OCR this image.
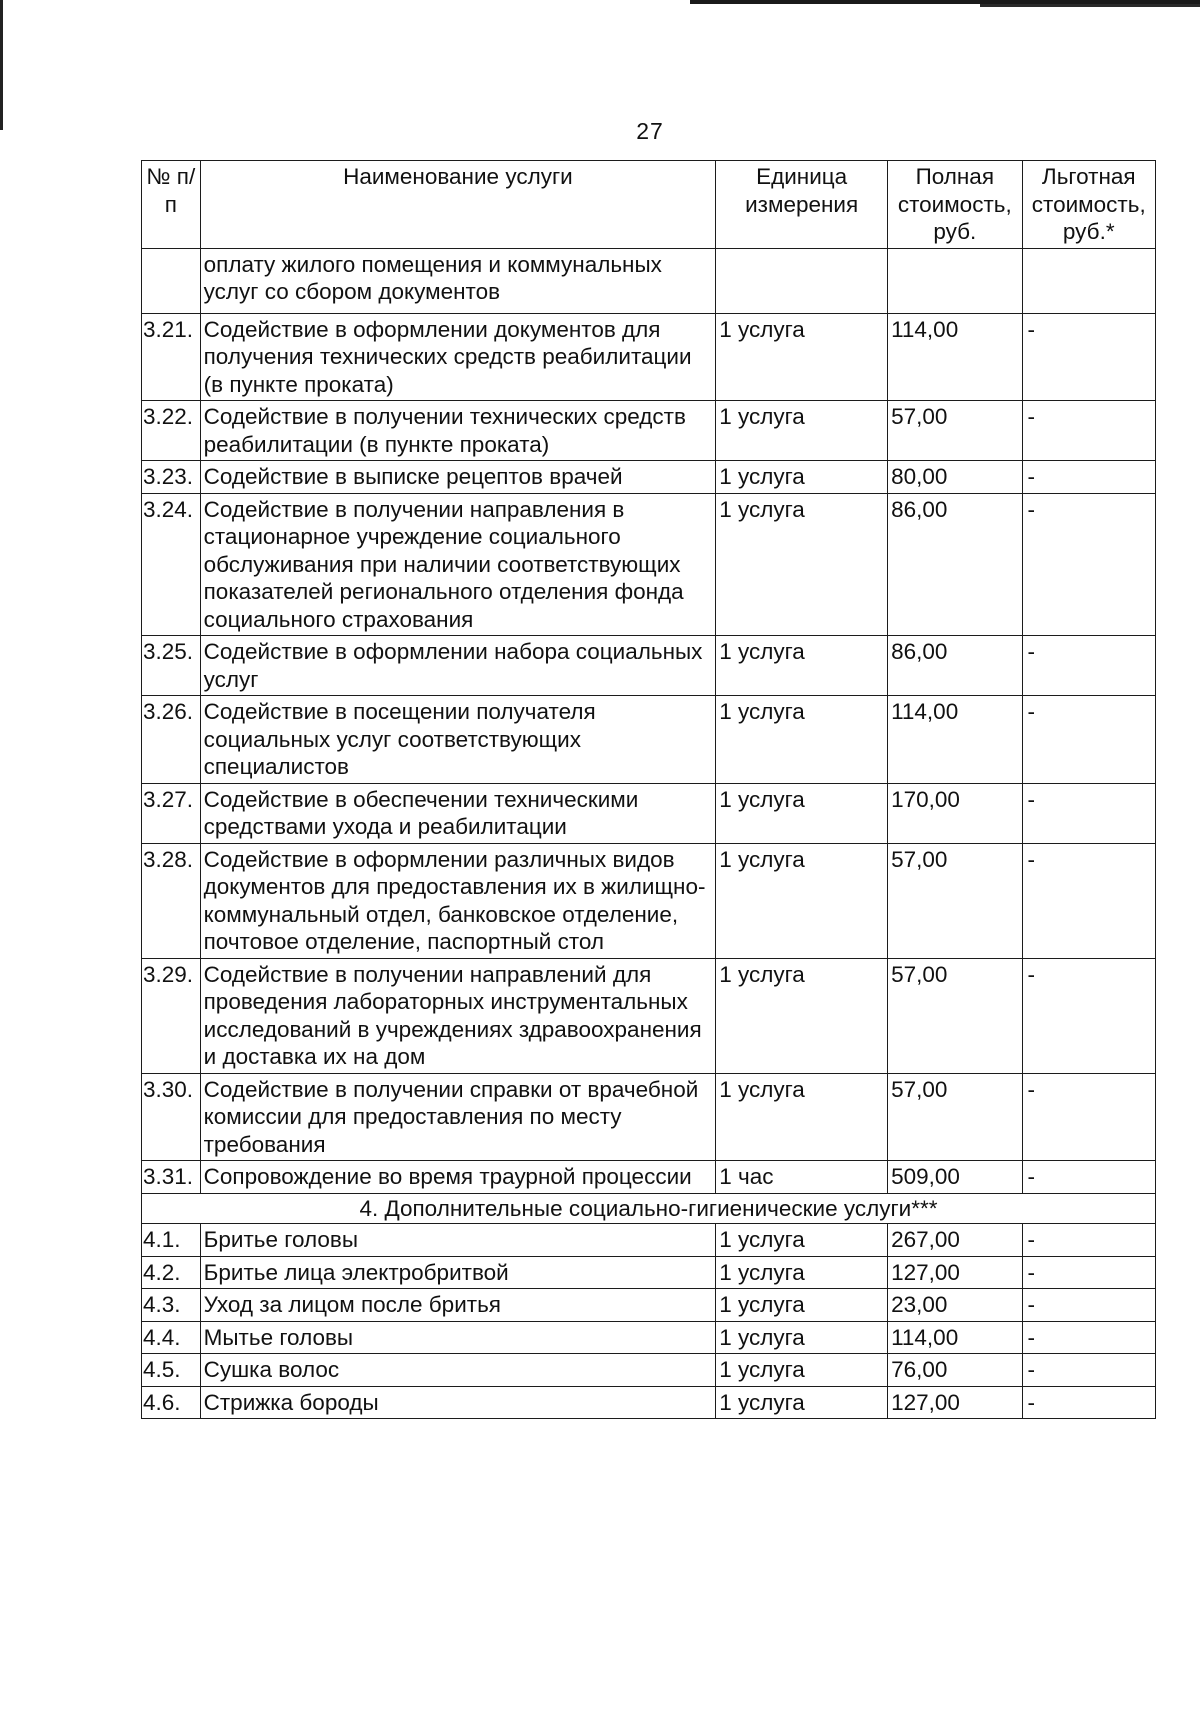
27
№ п/п	Наименование услуги	Единица измерения	Полная стоимость, руб.	Льготная стоимость, руб.*
	оплату жилого помещения и коммунальных услуг со сбором документов			
3.21.	Содействие в оформлении документов для получения технических средств реабилитации (в пункте проката)	1 услуга	114,00	-
3.22.	Содействие в получении технических средств реабилитации (в пункте проката)	1 услуга	57,00	-
3.23.	Содействие в выписке рецептов врачей	1 услуга	80,00	-
3.24.	Содействие в получении направления в стационарное учреждение социального обслуживания при наличии соответствующих показателей регионального отделения фонда социального страхования	1 услуга	86,00	-
3.25.	Содействие в оформлении набора социальных услуг	1 услуга	86,00	-
3.26.	Содействие в посещении получателя социальных услуг соответствующих специалистов	1 услуга	114,00	-
3.27.	Содействие в обеспечении техническими средствами ухода и реабилитации	1 услуга	170,00	-
3.28.	Содействие в оформлении различных видов документов для предоставления их в жилищно-коммунальный отдел, банковское отделение, почтовое отделение, паспортный стол	1 услуга	57,00	-
3.29.	Содействие в получении направлений для проведения лабораторных инструментальных исследований в учреждениях здравоохранения и доставка их на дом	1 услуга	57,00	-
3.30.	Содействие в получении справки от врачебной комиссии для предоставления по месту требования	1 услуга	57,00	-
3.31.	Сопровождение во время траурной процессии	1 час	509,00	-
4. Дополнительные социально-гигиенические услуги***				
4.1.	Бритье головы	1 услуга	267,00	-
4.2.	Бритье лица электробритвой	1 услуга	127,00	-
4.3.	Уход за лицом после бритья	1 услуга	23,00	-
4.4.	Мытье головы	1 услуга	114,00	-
4.5.	Сушка волос	1 услуга	76,00	-
4.6.	Стрижка бороды	1 услуга	127,00	-
